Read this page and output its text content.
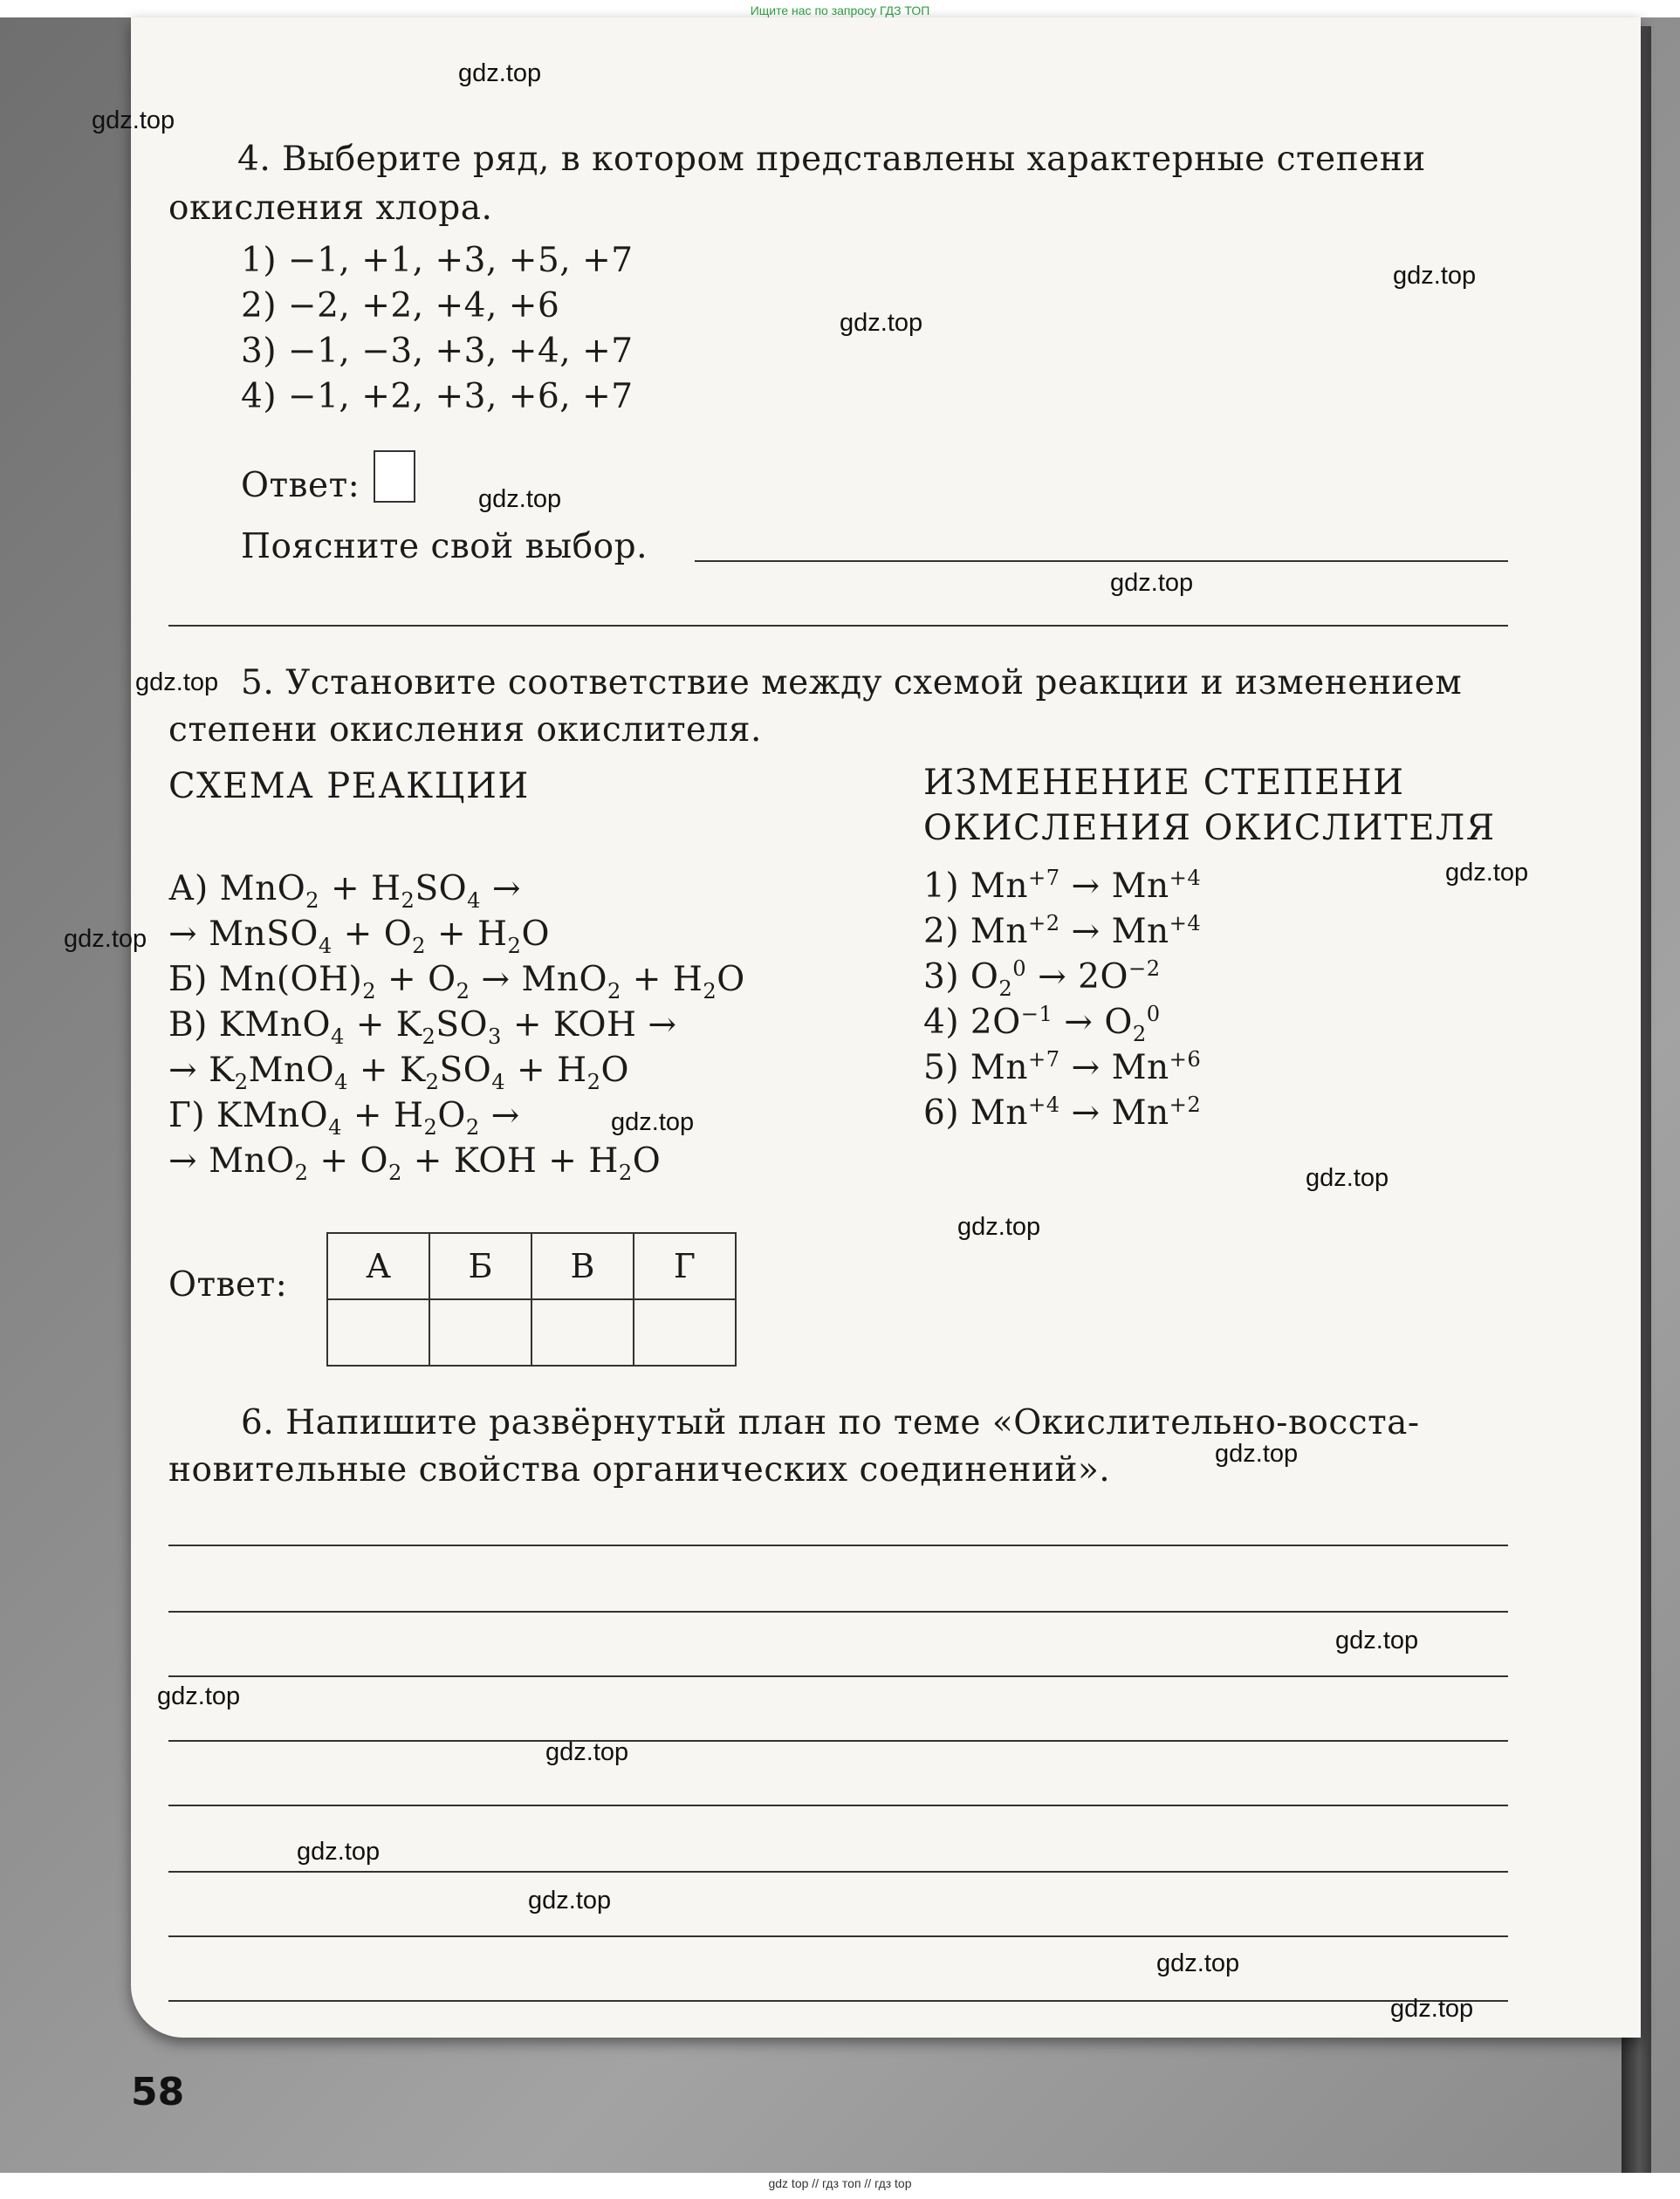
Ищите нас по запросу ГДЗ ТОП
4. Выберите ряд, в котором представлены характерные степени
окисления хлора.
1) −1, +1, +3, +5, +7
2) −2, +2, +4, +6
3) −1, −3, +3, +4, +7
4) −1, +2, +3, +6, +7
Ответ:
Поясните свой выбор.
5. Установите соответствие между схемой реакции и изменением
степени окисления окислителя.
СХЕМА РЕАКЦИИ	ИЗМЕНЕНИЕ СТЕПЕНИ
ОКИСЛЕНИЯ ОКИСЛИТЕЛЯ
А) $MnO_2 + H_2SO_4$ →
→ MnSO$_4$ + $O_2 + H_2O$
Б) $Mn(OH)_2 + O_2 \to MnO_2 + H_2O$
В) KMnO$_4$ + $K_2SO_3$ + KOH →
→ $K_2MnO_4 + K_2SO_4 + H_2O$
Г) KMnO$_4$ + $H_2O_2$ →
→ $MnO_2 + O_2$ + KOH + $H_2O$
1) $Mn^{+7} \to Mn^{+4}$
2) $Mn^{+2} \to Mn^{+4}$
3) $O_2^0 \to 2O^{-2}$
4) $2O^{-1} \to O_2^0$
5) $Mn^{+7} \to Mn^{+6}$
6) $Mn^{+4} \to Mn^{+2}$
Ответ: А	Б	В	Г

6. Напишите развёрнутый план по теме «Окислительно-восста-
новительные свойства органических соединений».
58
gdz.top
gdz.top
gdz.top
gdz.top
gdz.top
gdz.top
gdz.top
gdz.top
gdz.top
gdz.top
gdz.top
gdz.top
gdz.top
gdz.top
gdz.top
gdz.top
gdz.top
gdz.top
gdz.top
gdz.top
gdz top // гдз топ // гдз top
